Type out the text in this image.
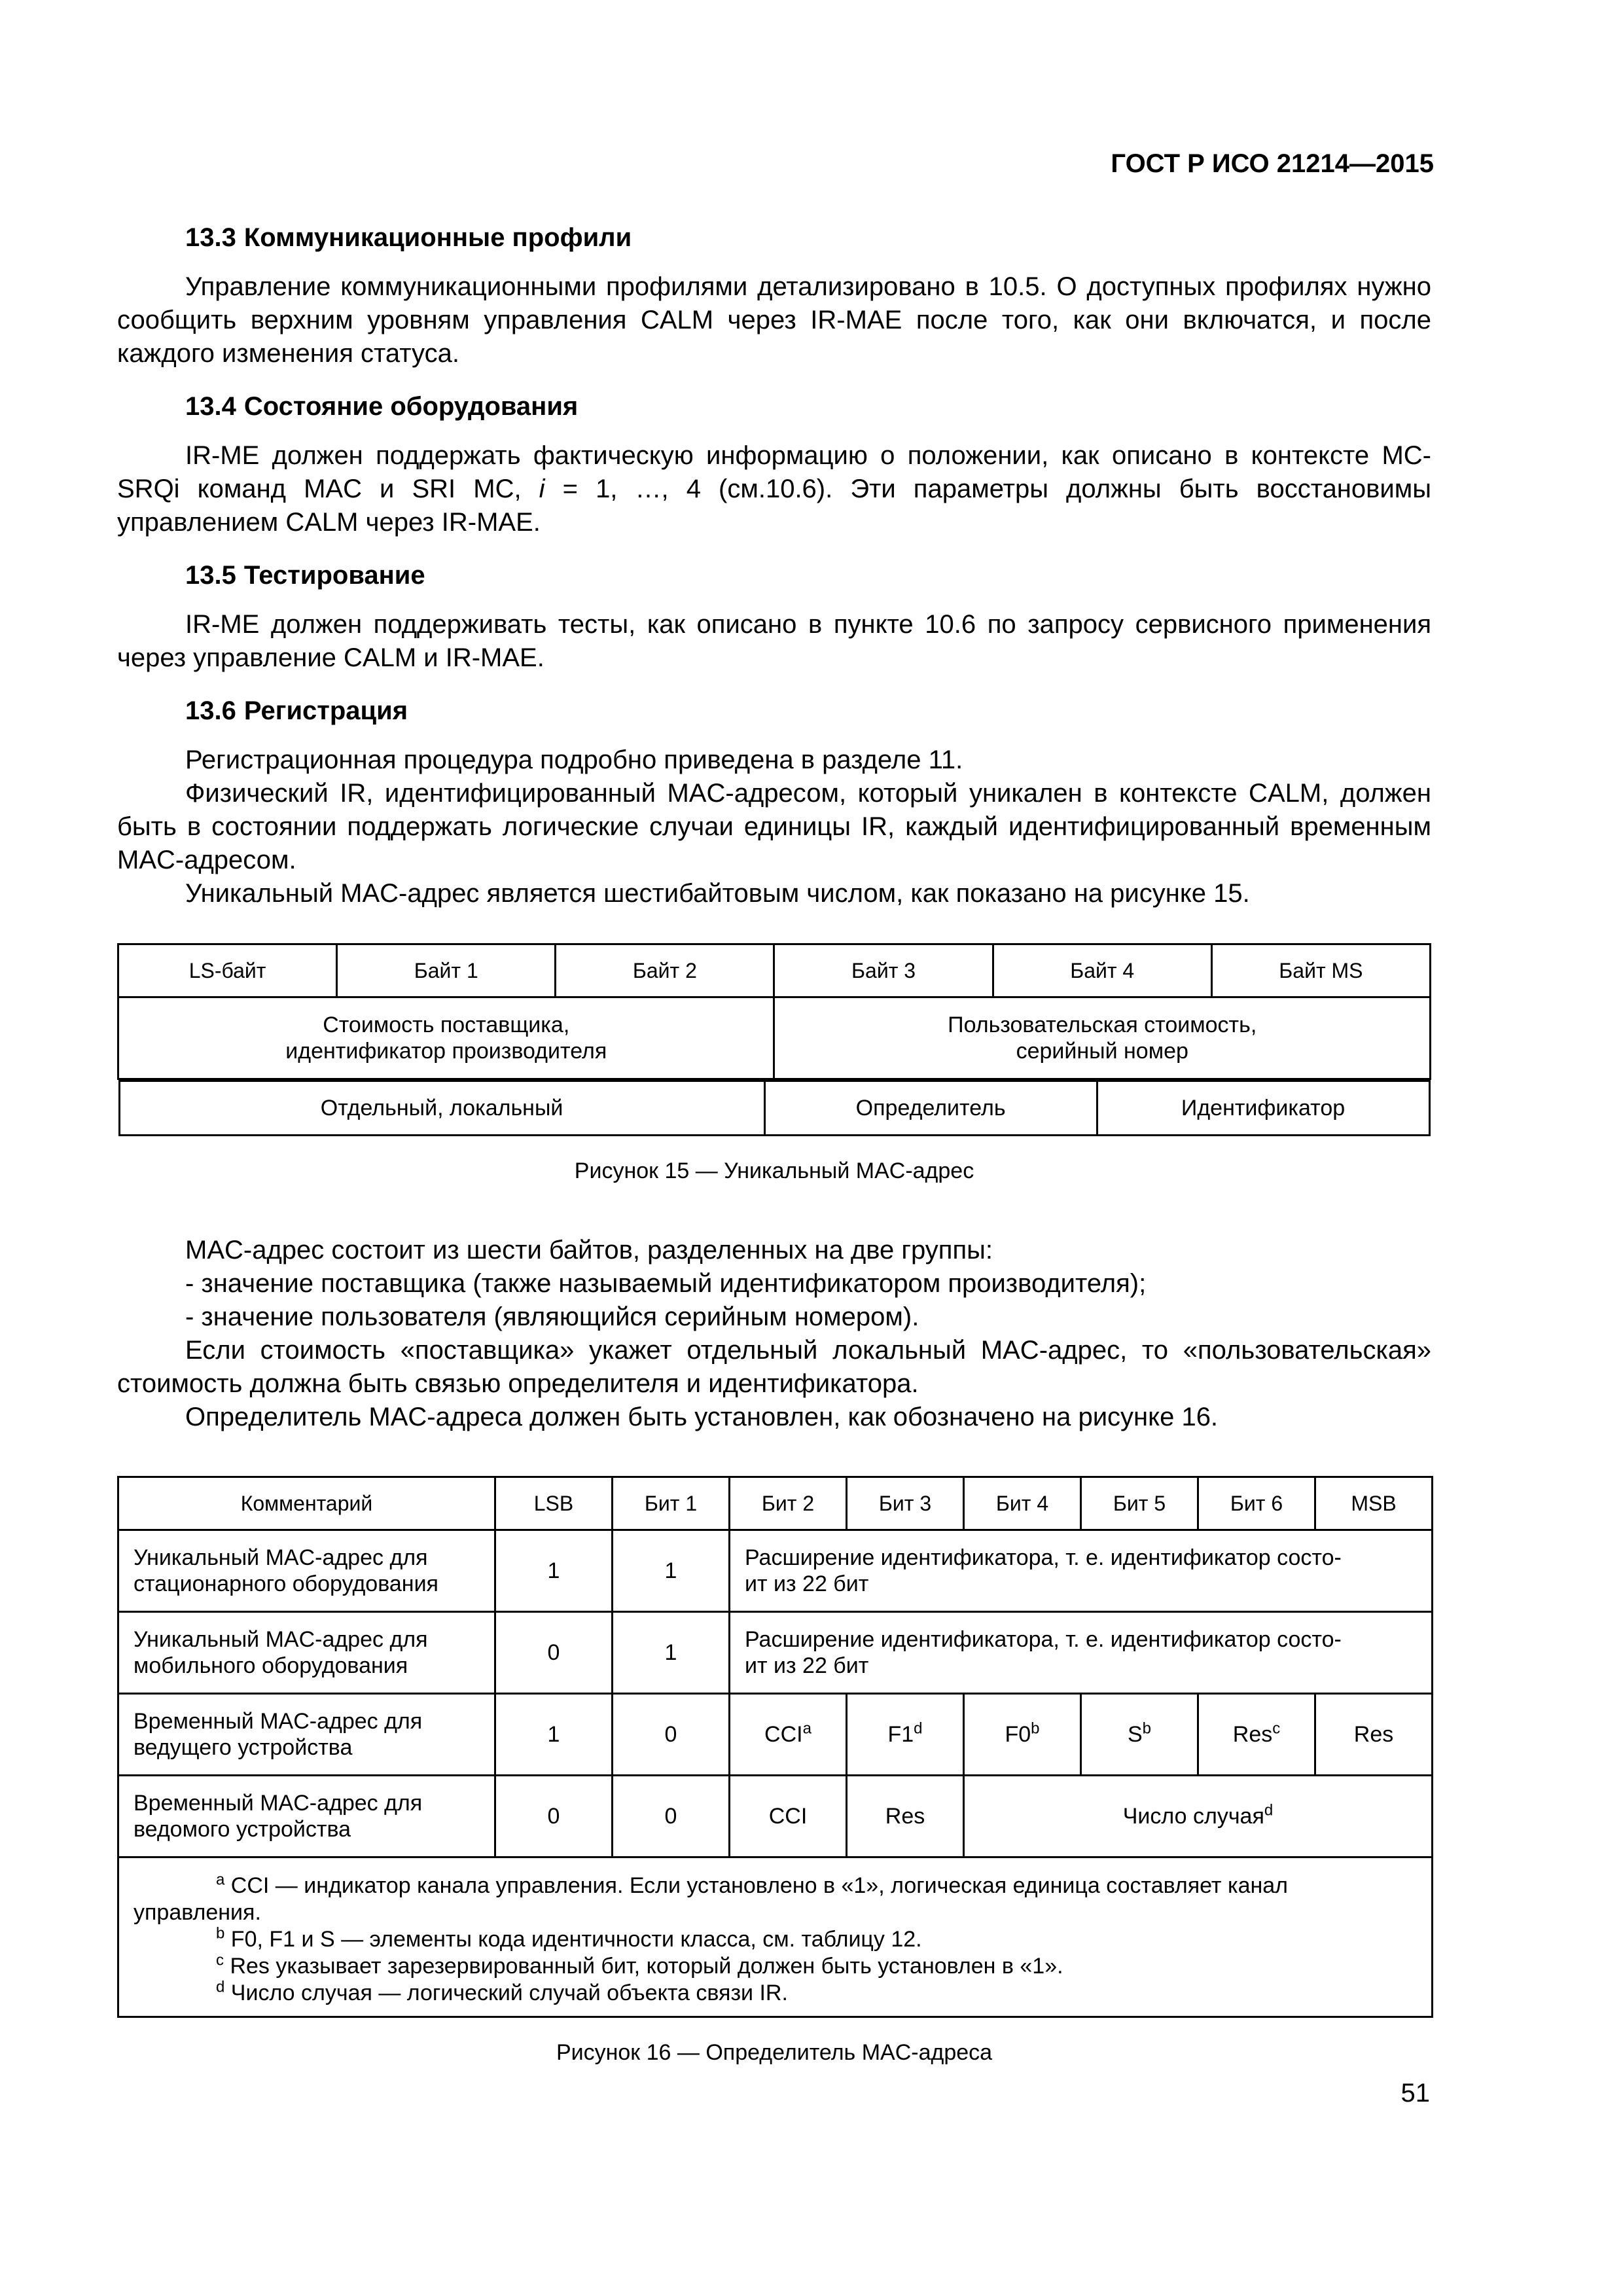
ГОСТ Р ИСО 21214—2015

13.3 Коммуникационные профили

Управление коммуникационными профилями детализировано в 10.5. О доступных профилях нужно сообщить верхним уровням управления CALM через IR-MAE после того, как они включатся, и после каждого изменения статуса.

13.4 Состояние оборудования

IR-ME должен поддержать фактическую информацию о положении, как описано в контексте MC-SRQi команд MAC и SRI MC, i = 1, …, 4 (см.10.6). Эти параметры должны быть восстановимы управлением CALM через IR-MAE.

13.5 Тестирование

IR-ME должен поддерживать тесты, как описано в пункте 10.6 по запросу сервисного применения через управление CALM и IR-MAE.

13.6 Регистрация

Регистрационная процедура подробно приведена в разделе 11.

Физический IR, идентифицированный MAC-адресом, который уникален в контексте CALM, должен быть в состоянии поддержать логические случаи единицы IR, каждый идентифицированный временным MAC-адресом.

Уникальный MAC-адрес является шестибайтовым числом, как показано на рисунке 15.

LS-байт	Байт 1	Байт 2	Байт 3	Байт 4	Байт MS
Стоимость поставщика,
идентификатор производителя	Пользовательская стоимость,
серийный номер

Отдельный, локальный	Определитель	Идентификатор
Рисунок 15 — Уникальный MAC-адрес

MAC-адрес состоит из шести байтов, разделенных на две группы:

- значение поставщика (также называемый идентификатором производителя);

- значение пользователя (являющийся серийным номером).

Если стоимость «поставщика» укажет отдельный локальный MAC-адрес, то «пользовательская» стоимость должна быть связью определителя и идентификатора.

Определитель MAC-адреса должен быть установлен, как обозначено на рисунке 16.

Комментарий	LSB	Бит 1	Бит 2	Бит 3	Бит 4	Бит 5	Бит 6	MSB
Уникальный MAC-адрес для
стационарного оборудования	1	1	Расширение идентификатора, т. е. идентификатор состо-
ит из 22 бит					
Уникальный MAC-адрес для
мобильного оборудования	0	1	Расширение идентификатора, т. е. идентификатор состо-
ит из 22 бит					
Временный MAC-адрес для
ведущего устройства	1	0	CCI$^a$	F1$^d$	F0$^b$	$S^b$	Res$^c$	Res
Временный MAC-адрес для
ведомого устройства	0	0	CCI	Res	Число случая$^d$

$^a$ CCI — индикатор канала управления. Если установлено в «1», логическая единица составляет канал управления.
$^b$ F0, F1 и S — элементы кода идентичности класса, см. таблицу 12.
$^c$ Res указывает зарезервированный бит, который должен быть установлен в «1».
$^d$ Число случая — логический случай объекта связи IR.								
Рисунок 16 — Определитель MAC-адреса
51
